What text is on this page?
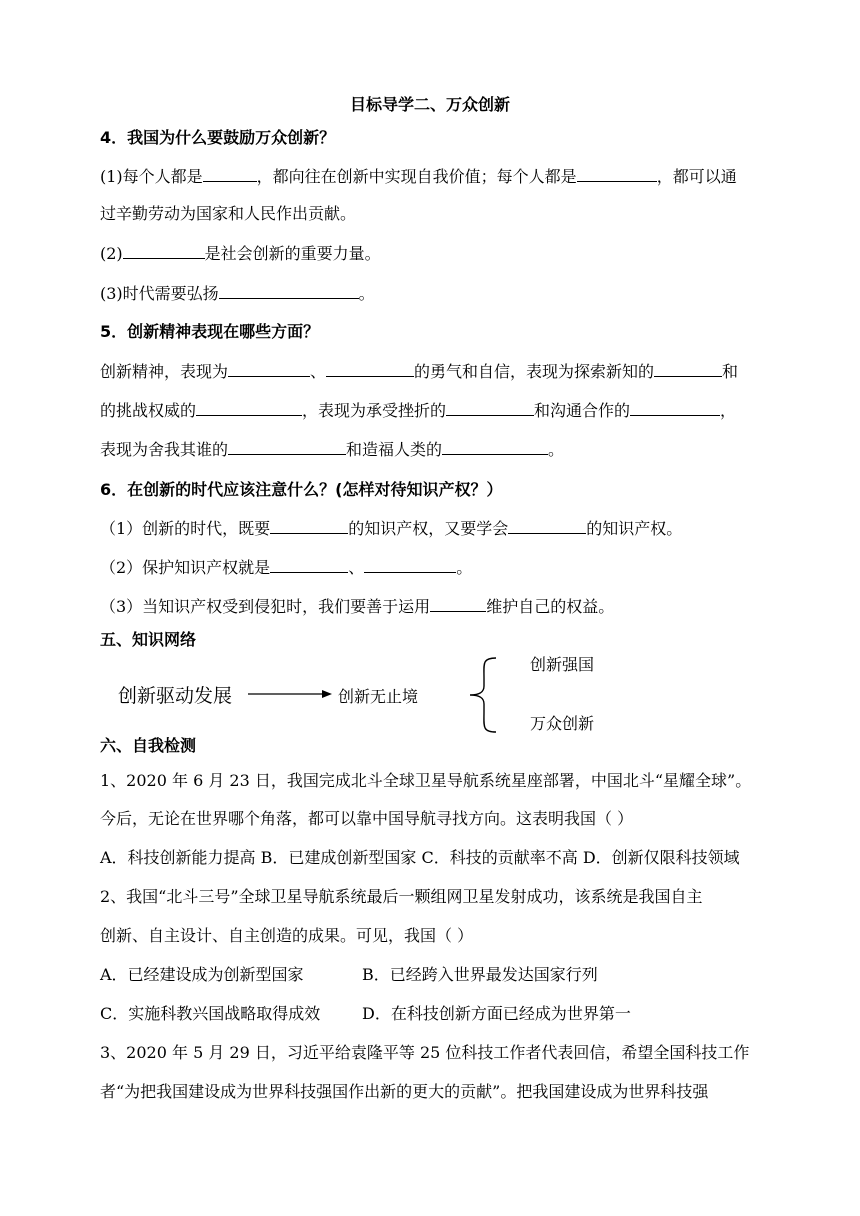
目标导学二、万众创新
4．我国为什么要鼓励万众创新？
(1)每个人都是	，都向往在创新中实现自我价值；每个人都是	，都可以通
过辛勤劳动为国家和人民作出贡献。
(2)	是社会创新的重要力量。
(3)时代需要弘扬	。
5．创新精神表现在哪些方面？
创新精神，表现为	、	的勇气和自信，表现为探索新知的	和
的挑战权威的	，表现为承受挫折的	和沟通合作的	，
表现为舍我其谁的	和造福人类的	。
6．在创新的时代应该注意什么？(怎样对待知识产权？）
（1）创新的时代，既要	的知识产权，又要学会	的知识产权。
（2）保护知识产权就是	、	。
（3）当知识产权受到侵犯时，我们要善于运用	维护自己的权益。
五、知识网络
创新驱动发展	创新无止境
创新强国
万众创新
六、自我检测
1、2020 年 6 月 23 日，我国完成北斗全球卫星导航系统星座部署，中国北斗“星耀全球”。
今后，无论在世界哪个角落，都可以靠中国导航寻找方向。这表明我国（ ）
A．科技创新能力提高 B．已建成创新型国家 C．科技的贡献率不高 D．创新仅限科技领域
2、我国“北斗三号”全球卫星导航系统最后一颗组网卫星发射成功，该系统是我国自主
创新、自主设计、自主创造的成果。可见，我国（ ）
A．已经建设成为创新型国家	B．已经跨入世界最发达国家行列
C．实施科教兴国战略取得成效	D．在科技创新方面已经成为世界第一
3、2020 年 5 月 29 日，习近平给袁隆平等 25 位科技工作者代表回信，希望全国科技工作
者“为把我国建设成为世界科技强国作出新的更大的贡献”。把我国建设成为世界科技强
